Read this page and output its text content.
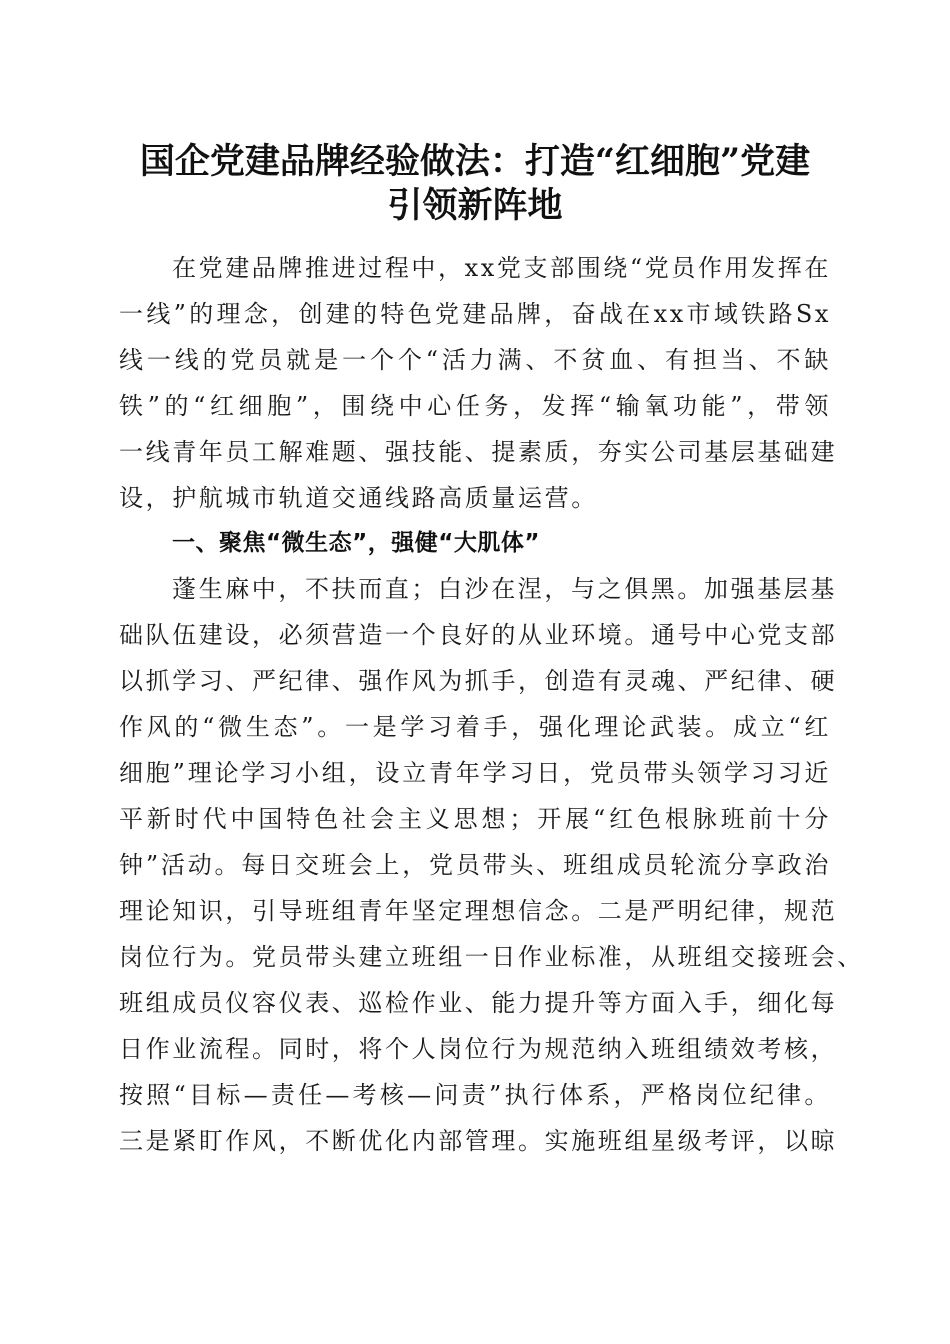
国企党建品牌经验做法：打造“红细胞”党建
引领新阵地

在党建品牌推进过程中，xx党支部围绕“党员作用发挥在

一线”的理念，创建的特色党建品牌，奋战在xx市域铁路Sx

线一线的党员就是一个个“活力满、不贫血、有担当、不缺

铁”的“红细胞”，围绕中心任务，发挥“输氧功能”，带领

一线青年员工解难题、强技能、提素质，夯实公司基层基础建

设，护航城市轨道交通线路高质量运营。

一、聚焦“微生态”，强健“大肌体”

蓬生麻中，不扶而直；白沙在涅，与之俱黑。加强基层基

础队伍建设，必须营造一个良好的从业环境。通号中心党支部

以抓学习、严纪律、强作风为抓手，创造有灵魂、严纪律、硬

作风的“微生态”。一是学习着手，强化理论武装。成立“红

细胞”理论学习小组，设立青年学习日，党员带头领学习习近

平新时代中国特色社会主义思想；开展“红色根脉班前十分

钟”活动。每日交班会上，党员带头、班组成员轮流分享政治

理论知识，引导班组青年坚定理想信念。二是严明纪律，规范

岗位行为。党员带头建立班组一日作业标准，从班组交接班会、

班组成员仪容仪表、巡检作业、能力提升等方面入手，细化每

日作业流程。同时，将个人岗位行为规范纳入班组绩效考核，

按照“目标—责任—考核—问责”执行体系，严格岗位纪律。

三是紧盯作风，不断优化内部管理。实施班组星级考评，以晾
